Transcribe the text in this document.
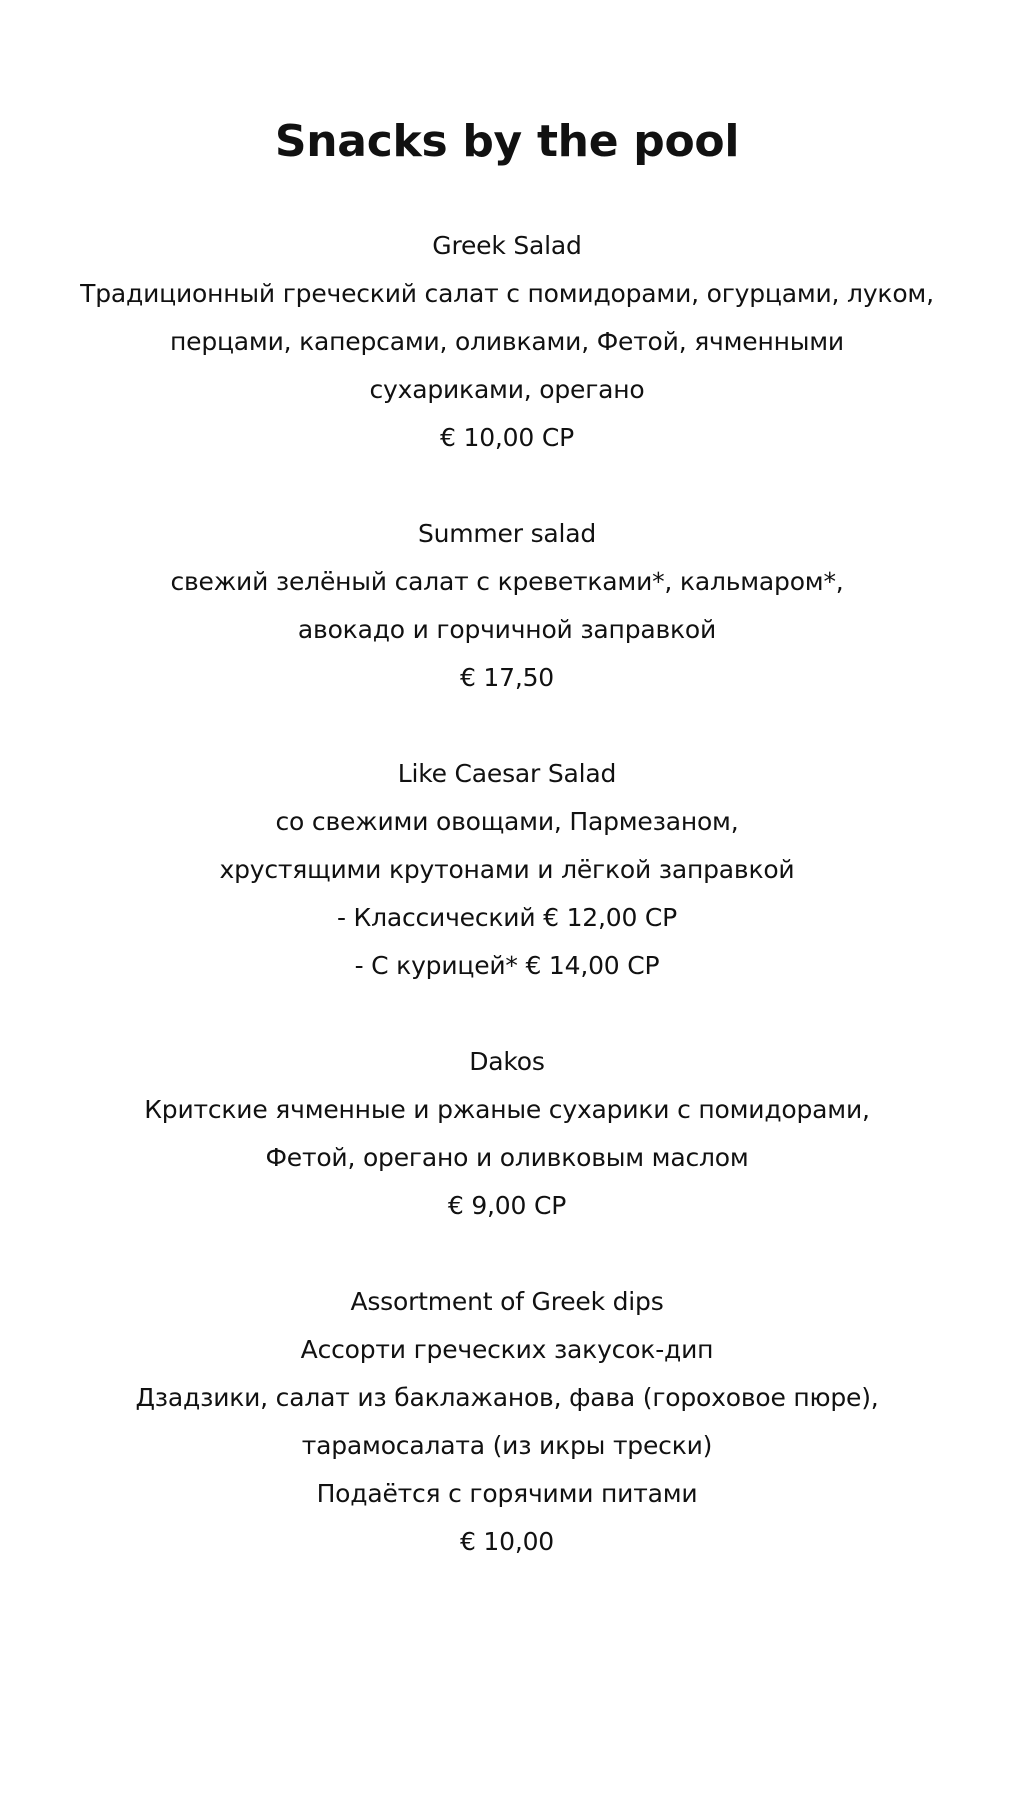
Snacks by the pool
Greek Salad
Традиционный греческий салат с помидорами, огурцами, луком,
перцами, каперсами, оливками, Фетой, ячменными
сухариками, орегано
€ 10,00 CP
Summer salad
свежий зелёный салат с креветками*, кальмаром*,
авокадо и горчичной заправкой
€ 17,50
Like Caesar Salad
со свежими овощами, Пармезаном,
хрустящими крутонами и лёгкой заправкой
- Классический € 12,00 CP
- С курицей* € 14,00 CP
Dakos
Критские ячменные и ржаные сухарики с помидорами,
Фетой, орегано и оливковым маслом
€ 9,00 CP
Assortment of Greek dips
Ассорти греческих закусок-дип
Дзадзики, салат из баклажанов, фава (гороховое пюре),
тарамосалата (из икры трески)
Подаётся с горячими питами
€ 10,00
